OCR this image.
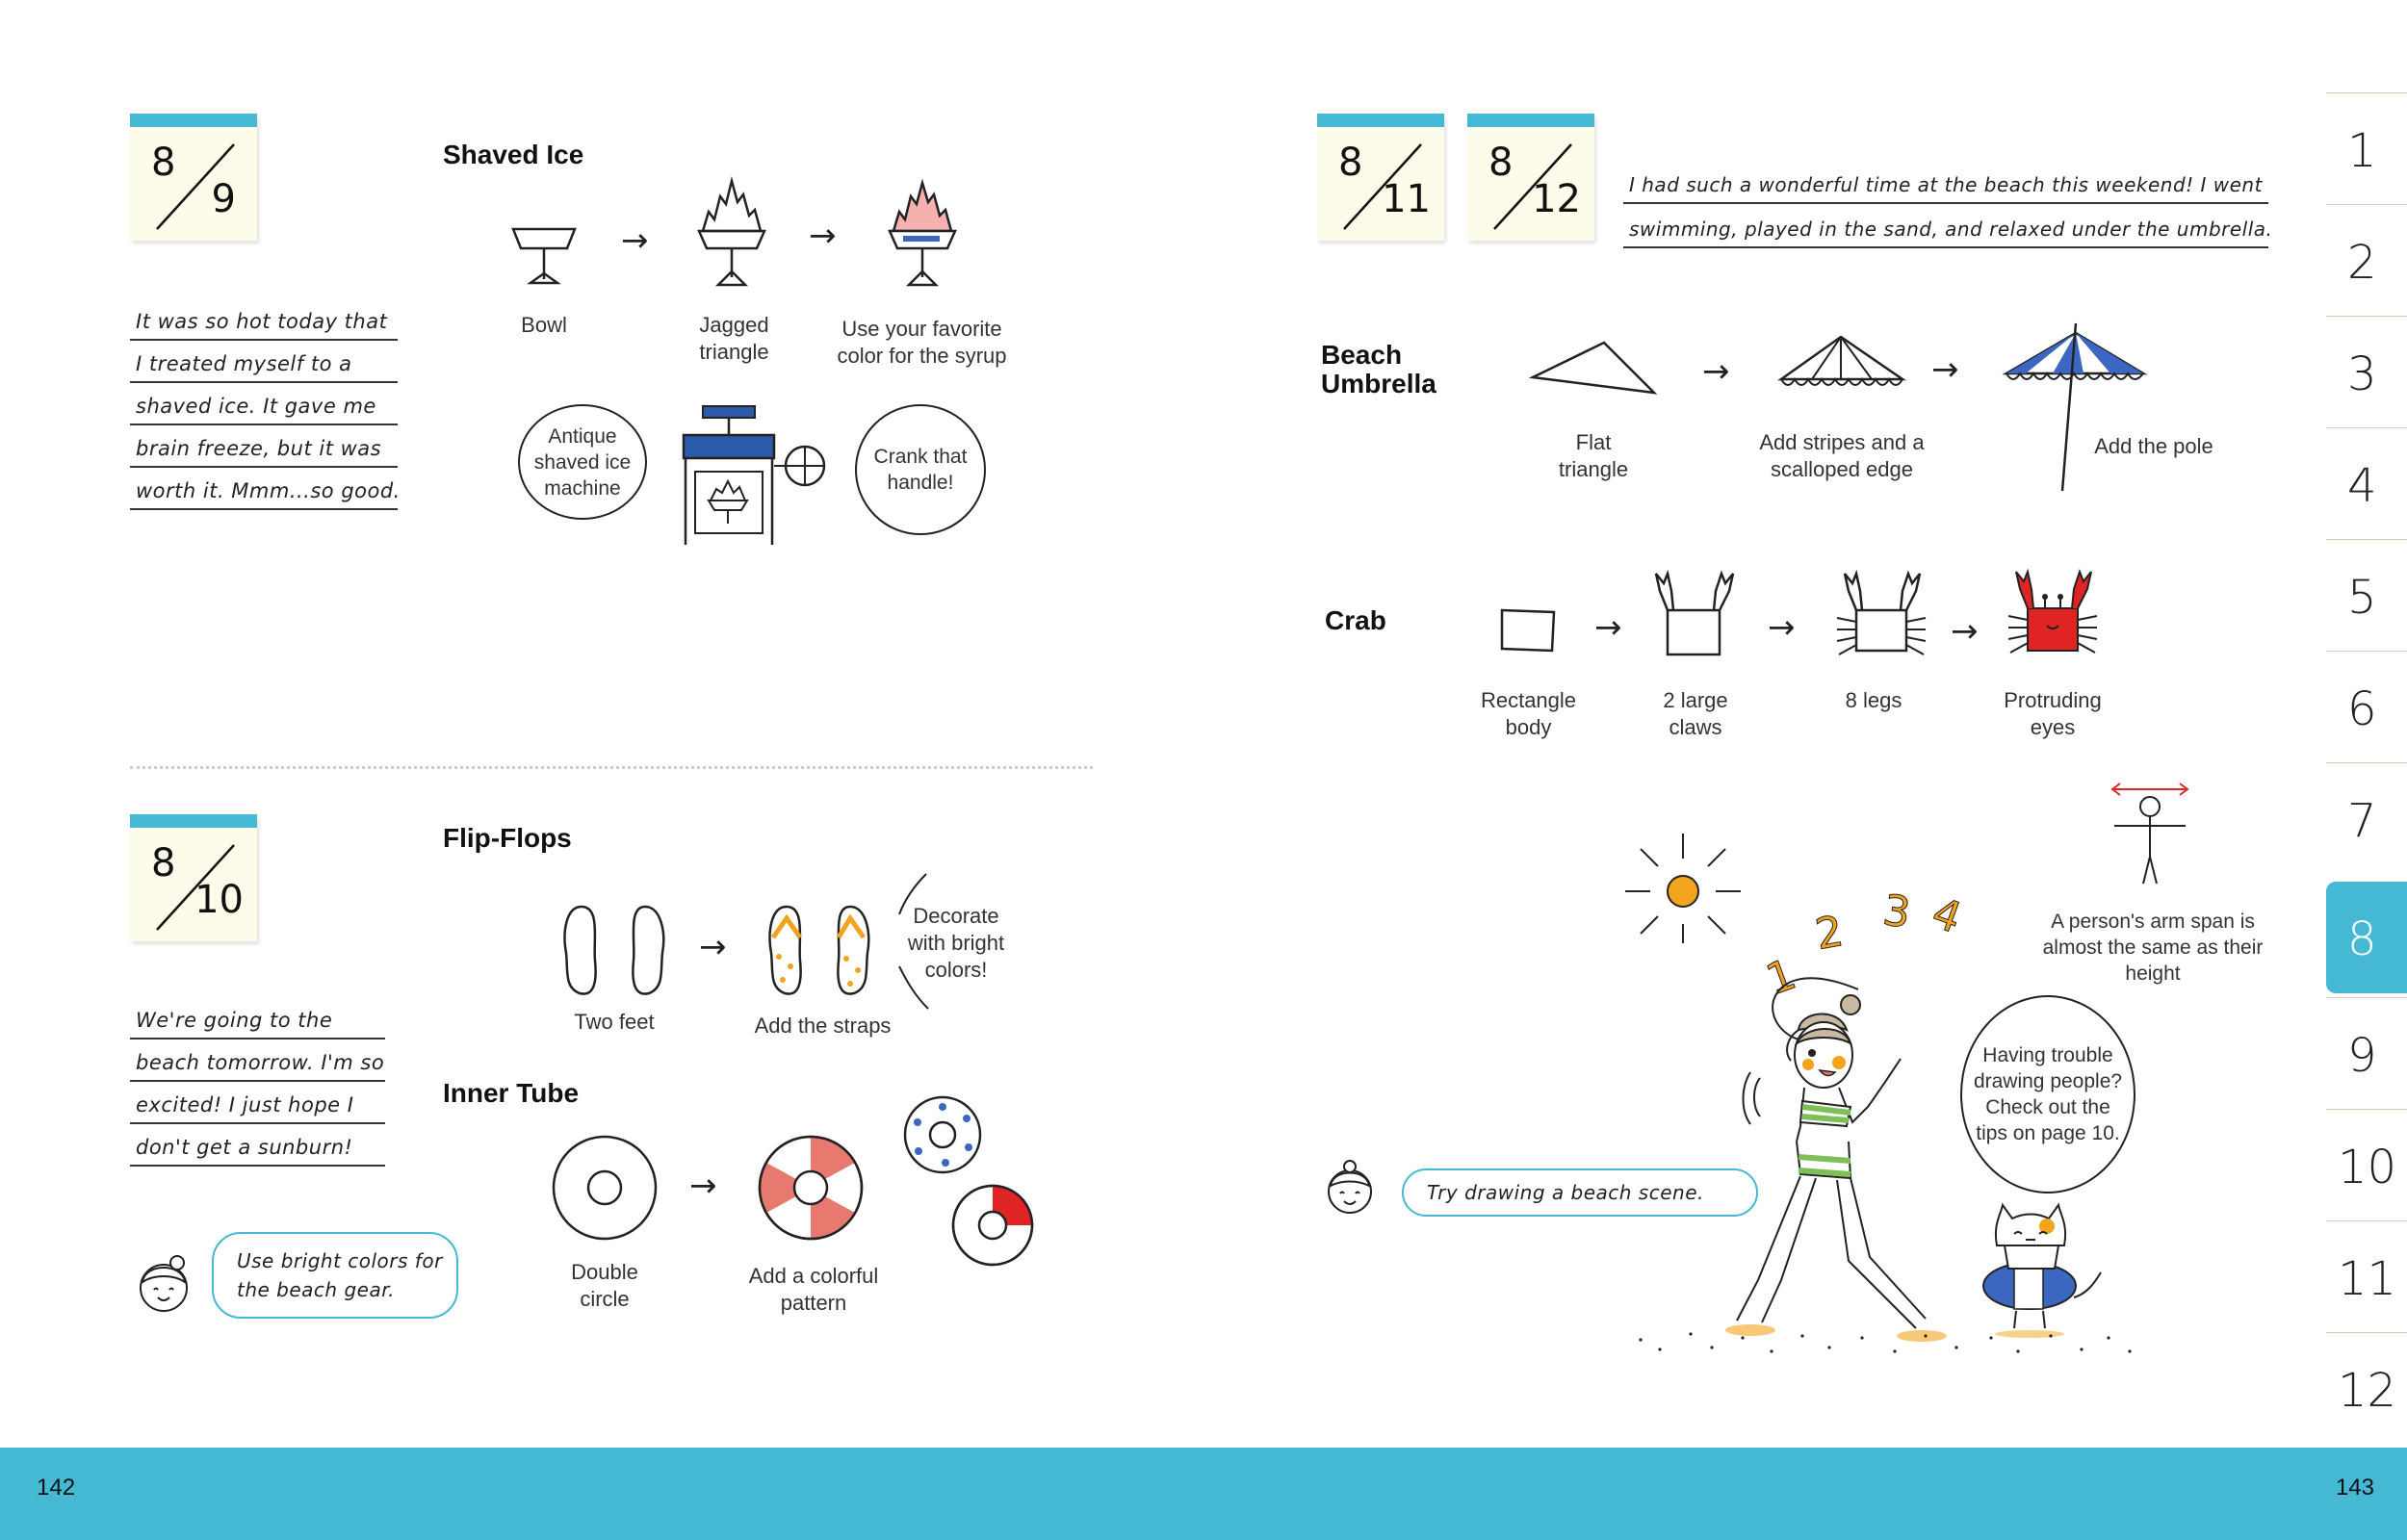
8
9
It was so hot today that
I treated myself to a
shaved ice. It gave me
brain freeze, but it was
worth it. Mmm...so good.
Shaved Ice
→	→
Bowl	Jagged triangle
Use your favorite color for the syrup
Antique shaved ice machine
Crank that handle!
8
10
We're going to the
beach tomorrow. I'm so
excited! I just hope I
don't get a sunburn!
Flip-Flops
→
Decorate with bright colors!
Two feet	Add the straps
Inner Tube
→
Double circle
Add a colorful pattern
Use bright colors for the beach gear.
8
11
8
12	I had such a wonderful time at the beach this weekend! I went
swimming, played in the sand, and relaxed under the umbrella.
Beach
Umbrella	→	→
Flat triangle
Add stripes and a scalloped edge
Add the pole
Crab	→	→	→
Rectangle body
2 large claws
8 legs	Protruding eyes
A person's arm span is almost the same as their height
1
2 3 4
Having trouble drawing people? Check out the tips on page 10.
Try drawing a beach scene.
1
2
3
4
5
6
7
8
9
10
11
12
142	143
